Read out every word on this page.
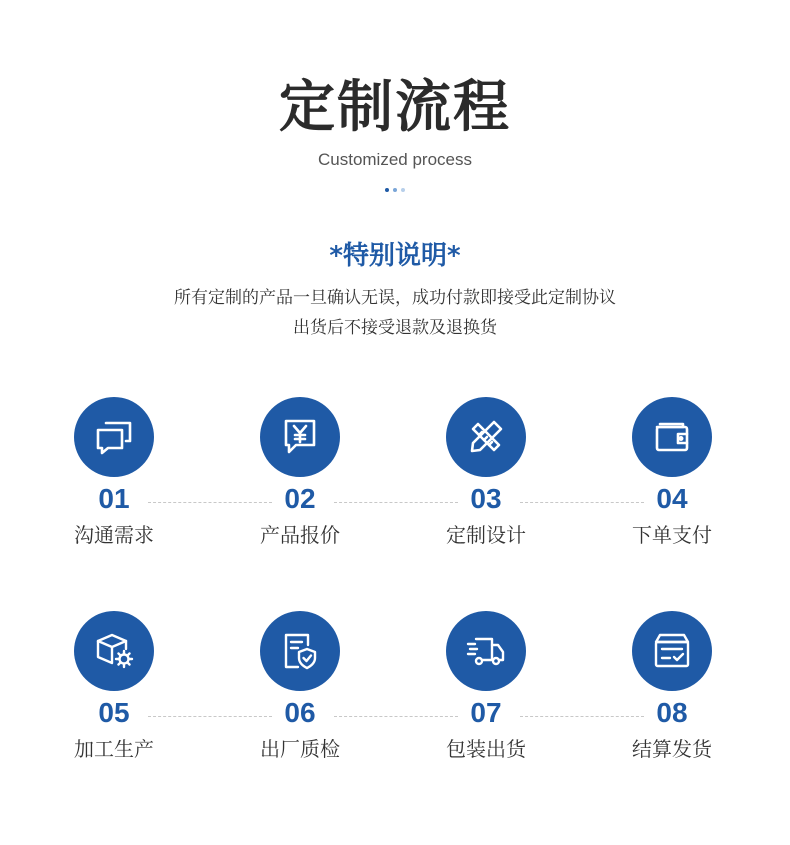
定制流程
Customized process
*特别说明*
所有定制的产品一旦确认无误，成功付款即接受此定制协议
出货后不接受退款及退换货
01
沟通需求
02
产品报价
03
定制设计
04
下单支付
05
加工生产
06
出厂质检
07
包装出货
08
结算发货
